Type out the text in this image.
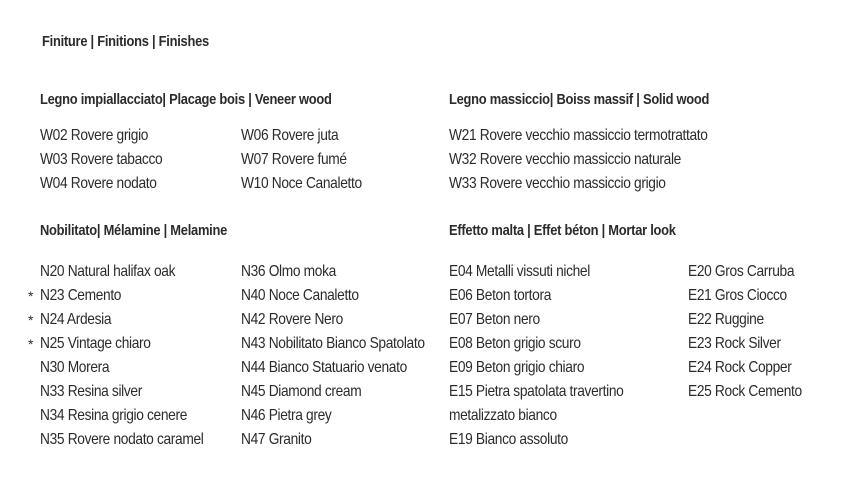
Finiture | Finitions | Finishes
Legno impiallacciato| Placage bois | Veneer wood
W02 Rovere grigio
W03 Rovere tabacco
W04 Rovere nodato
W06 Rovere juta
W07 Rovere fumé
W10 Noce Canaletto
Legno massiccio| Boiss massif | Solid wood
W21 Rovere vecchio massiccio termotrattato
W32 Rovere vecchio massiccio naturale
W33 Rovere vecchio massiccio grigio
Nobilitato| Mélamine | Melamine
N20 Natural halifax oak
* N23 Cemento
* N24 Ardesia
* N25 Vintage chiaro
N30 Morera
N33 Resina silver
N34 Resina grigio cenere
N35 Rovere nodato caramel
N36 Olmo moka
N40 Noce Canaletto
N42 Rovere Nero
N43 Nobilitato Bianco Spatolato
N44 Bianco Statuario venato
N45 Diamond cream
N46 Pietra grey
N47 Granito
Effetto malta | Effet béton | Mortar look
E04 Metalli vissuti nichel
E06 Beton tortora
E07 Beton nero
E08 Beton grigio scuro
E09 Beton grigio chiaro
E15 Pietra spatolata travertino
metalizzato bianco
E19 Bianco assoluto
E20 Gros Carruba
E21 Gros Ciocco
E22 Ruggine
E23 Rock Silver
E24 Rock Copper
E25 Rock Cemento
